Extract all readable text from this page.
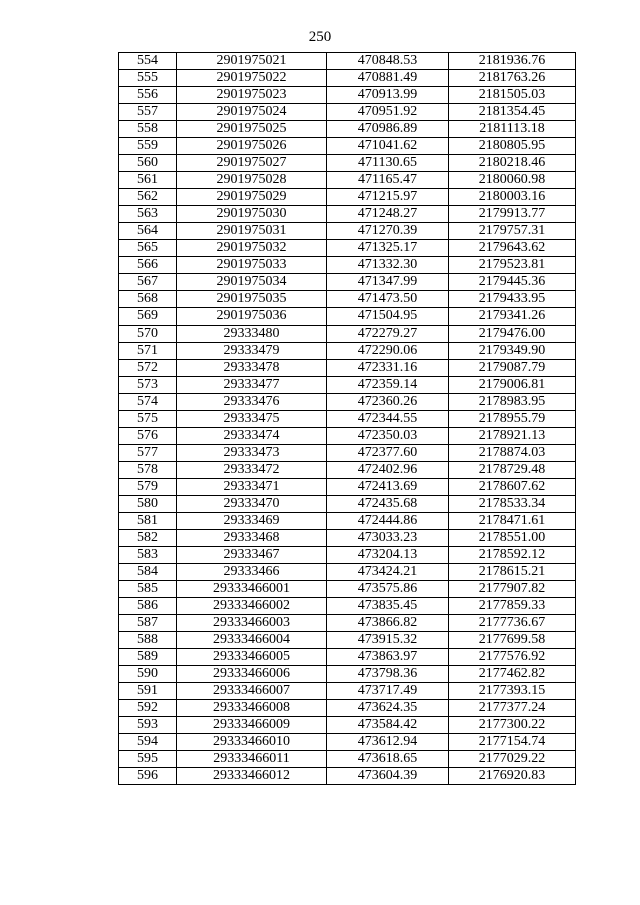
250
554	2901975021	470848.53	2181936.76
555	2901975022	470881.49	2181763.26
556	2901975023	470913.99	2181505.03
557	2901975024	470951.92	2181354.45
558	2901975025	470986.89	2181113.18
559	2901975026	471041.62	2180805.95
560	2901975027	471130.65	2180218.46
561	2901975028	471165.47	2180060.98
562	2901975029	471215.97	2180003.16
563	2901975030	471248.27	2179913.77
564	2901975031	471270.39	2179757.31
565	2901975032	471325.17	2179643.62
566	2901975033	471332.30	2179523.81
567	2901975034	471347.99	2179445.36
568	2901975035	471473.50	2179433.95
569	2901975036	471504.95	2179341.26
570	29333480	472279.27	2179476.00
571	29333479	472290.06	2179349.90
572	29333478	472331.16	2179087.79
573	29333477	472359.14	2179006.81
574	29333476	472360.26	2178983.95
575	29333475	472344.55	2178955.79
576	29333474	472350.03	2178921.13
577	29333473	472377.60	2178874.03
578	29333472	472402.96	2178729.48
579	29333471	472413.69	2178607.62
580	29333470	472435.68	2178533.34
581	29333469	472444.86	2178471.61
582	29333468	473033.23	2178551.00
583	29333467	473204.13	2178592.12
584	29333466	473424.21	2178615.21
585	29333466001	473575.86	2177907.82
586	29333466002	473835.45	2177859.33
587	29333466003	473866.82	2177736.67
588	29333466004	473915.32	2177699.58
589	29333466005	473863.97	2177576.92
590	29333466006	473798.36	2177462.82
591	29333466007	473717.49	2177393.15
592	29333466008	473624.35	2177377.24
593	29333466009	473584.42	2177300.22
594	29333466010	473612.94	2177154.74
595	29333466011	473618.65	2177029.22
596	29333466012	473604.39	2176920.83
